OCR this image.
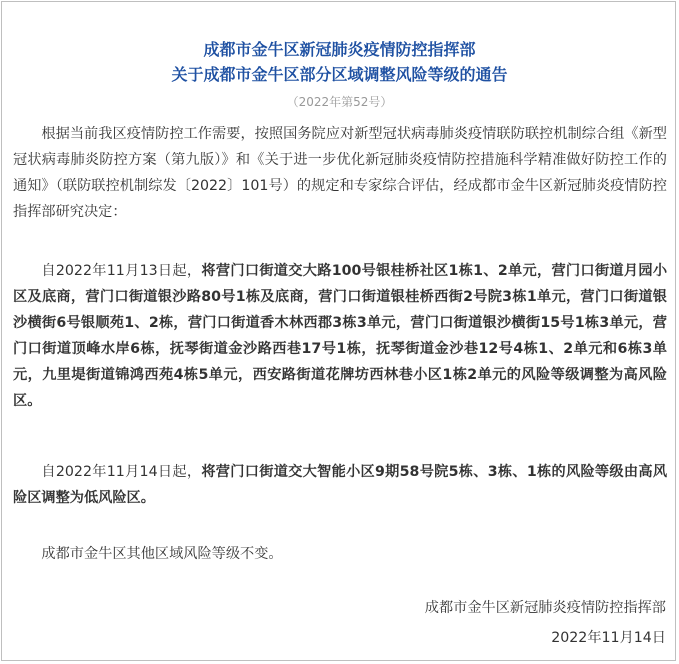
成都市金牛区新冠肺炎疫情防控指挥部
关于成都市金牛区部分区域调整风险等级的通告
（2022年第52号）

根据当前我区疫情防控工作需要，按照国务院应对新型冠状病毒肺炎疫情联防联控机制综合组《新型冠状病毒肺炎防控方案（第九版）》和《关于进一步优化新冠肺炎疫情防控措施科学精准做好防控工作的通知》（联防联控机制综发〔2022〕101号）的规定和专家综合评估，经成都市金牛区新冠肺炎疫情防控指挥部研究决定：

自2022年11月13日起，将营门口街道交大路100号银桂桥社区1栋1、2单元，营门口街道月园小区及底商，营门口街道银沙路80号1栋及底商，营门口街道银桂桥西街2号院3栋1单元，营门口街道银沙横街6号银顺苑1、2栋，营门口街道香木林西郡3栋3单元，营门口街道银沙横街15号1栋3单元，营门口街道顶峰水岸6栋，抚琴街道金沙路西巷17号1栋，抚琴街道金沙巷12号4栋1、2单元和6栋3单元，九里堤街道锦鸿西苑4栋5单元，西安路街道花牌坊西林巷小区1栋2单元的风险等级调整为高风险区。

自2022年11月14日起，将营门口街道交大智能小区9期58号院5栋、3栋、1栋的风险等级由高风险区调整为低风险区。

成都市金牛区其他区域风险等级不变。

成都市金牛区新冠肺炎疫情防控指挥部
2022年11月14日
